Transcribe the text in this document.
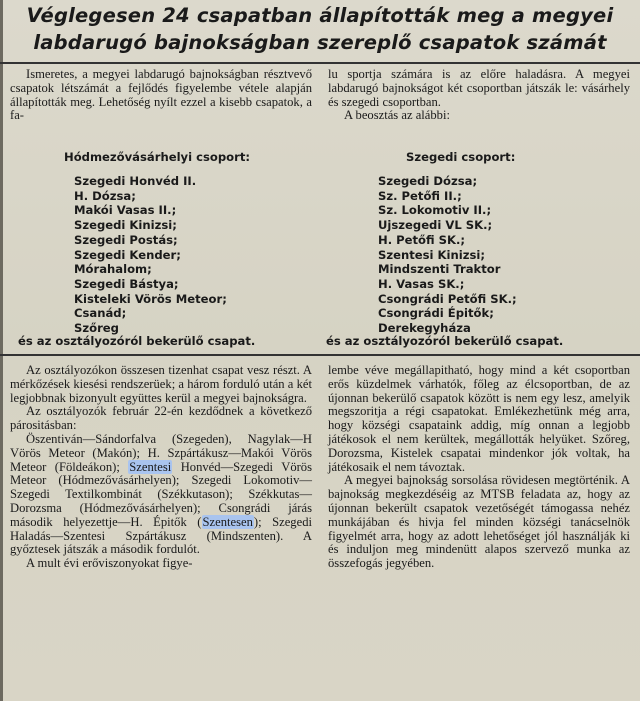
Véglegesen 24 csapatban állapították meg a megyei
labdarugó bajnokságban szereplő csapatok számát

Ismeretes, a megyei labdarugó bajnokságban résztvevő csapatok létszámát a fejlődés figyelembe vétele alapján állapították meg. Lehetőség nyílt ezzel a kisebb csapatok, a fa-

lu sportja számára is az előre haladásra. A megyei labdarugó bajnokságot két csoportban játszák le: vásárhely és szegedi csoportban.

A beosztás az alábbi:

Hódmezővásárhelyi csoport:	Szegedi csoport:
Szegedi Honvéd II.
H. Dózsa;
Makói Vasas II.;
Szegedi Kinizsi;
Szegedi Postás;
Szegedi Kender;
Mórahalom;
Szegedi Bástya;
Kisteleki Vörös Meteor;
Csanád;
Szőreg
Szegedi Dózsa;
Sz. Petőfi II.;
Sz. Lokomotiv II.;
Ujszegedi VL SK.;
H. Petőfi SK.;
Szentesi Kinizsi;
Mindszenti Traktor
H. Vasas SK.;
Csongrádi Petőfi SK.;
Csongrádi Épitők;
Derekegyháza
és az osztályozóról bekerülő csapat.	és az osztályozóról bekerülő csapat.

Az osztályozókon összesen tizenhat csapat vesz részt. A mérkőzések kiesési rendszerüek; a három forduló után a két legjobbnak bizonyult együttes kerül a megyei bajnokságra.

Az osztályozók február 22-én kezdődnek a következő párositásban:

Öszentiván—Sándorfalva (Szegeden), Nagylak—H Vörös Meteor (Makón); H. Szpártákusz—Makói Vörös Meteor (Földeákon); Szentesi Honvéd—Szegedi Vörös Meteor (Hódmezővásárhelyen); Szegedi Lokomotiv—Szegedi Textilkombinát (Székkutason); Székkutas—Dorozsma (Hódmezővásárhelyen); Csongrádi járás második helyezettje—H. Épitők (Szentesen); Szegedi Haladás—Szentesi Szpártákusz (Mindszenten). A győztesek játszák a második fordulót.

A mult évi erőviszonyokat figye-

lembe véve megállapitható, hogy mind a két csoportban erős küzdelmek várhatók, főleg az élcsoportban, de az újonnan bekerülő csapatok között is nem egy lesz, amelyik megszoritja a régi csapatokat. Emlékezhetünk még arra, hogy községi csapataink addig, míg onnan a legjobb játékosok el nem kerültek, megállották helyüket. Szőreg, Dorozsma, Kistelek csapatai mindenkor jók voltak, ha játékosaik el nem távoztak.

A megyei bajnokság sorsolása rövidesen megtörténik. A bajnokság megkezdéséig az MTSB feladata az, hogy az újonnan bekerült csapatok vezetőségét támogassa nehéz munkájában és hivja fel minden községi tanácselnök figyelmét arra, hogy az adott lehetőséget jól használják ki és induljon meg mindenütt alapos szervező munka az összefogás jegyében.
